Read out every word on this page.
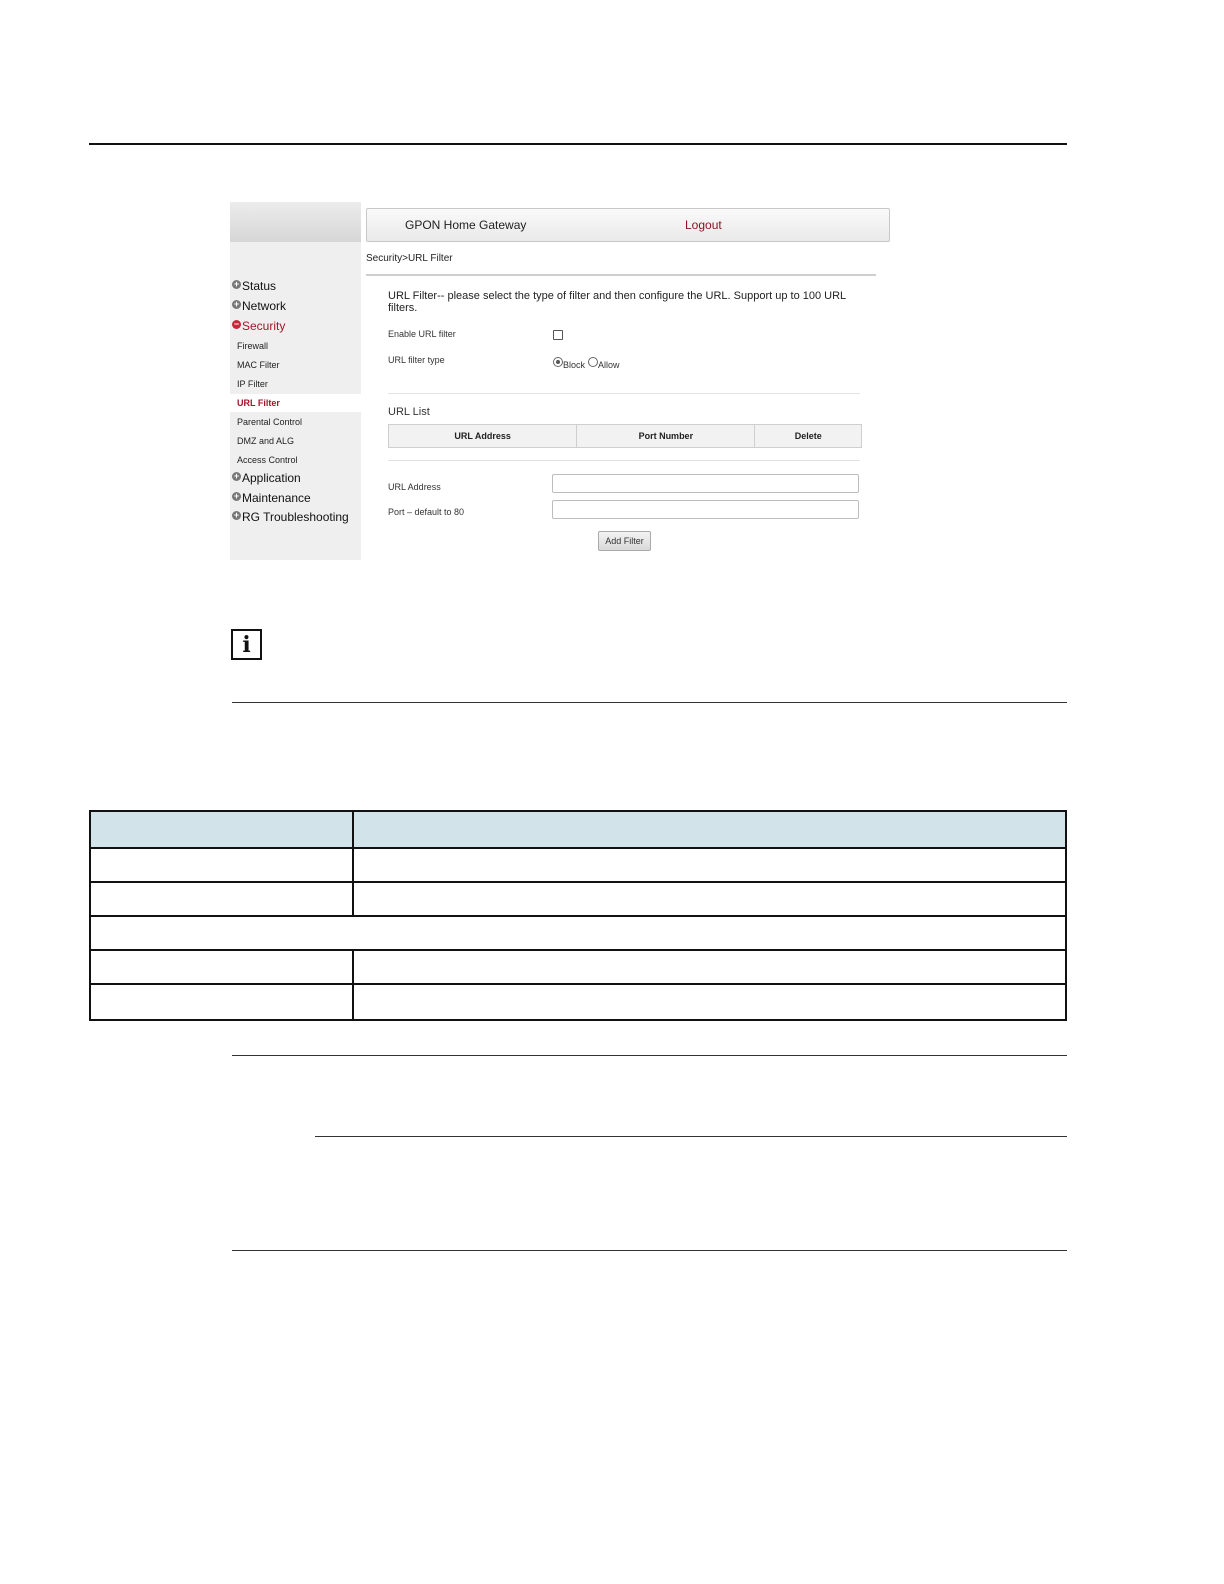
+ Status
+ Network
− Security
Firewall
MAC Filter
IP Filter
URL Filter
Parental Control
DMZ and ALG
Access Control
+ Application
+ Maintenance
+ RG Troubleshooting
GPON Home Gateway	Logout
Security>URL Filter
URL Filter-- please select the type of filter and then configure the URL. Support up to 100 URL filters.
Enable URL filter
URL filter type	Block Allow
URL List
URL Address	Port Number	Delete
URL Address
Port – default to 80
Add Filter
i
